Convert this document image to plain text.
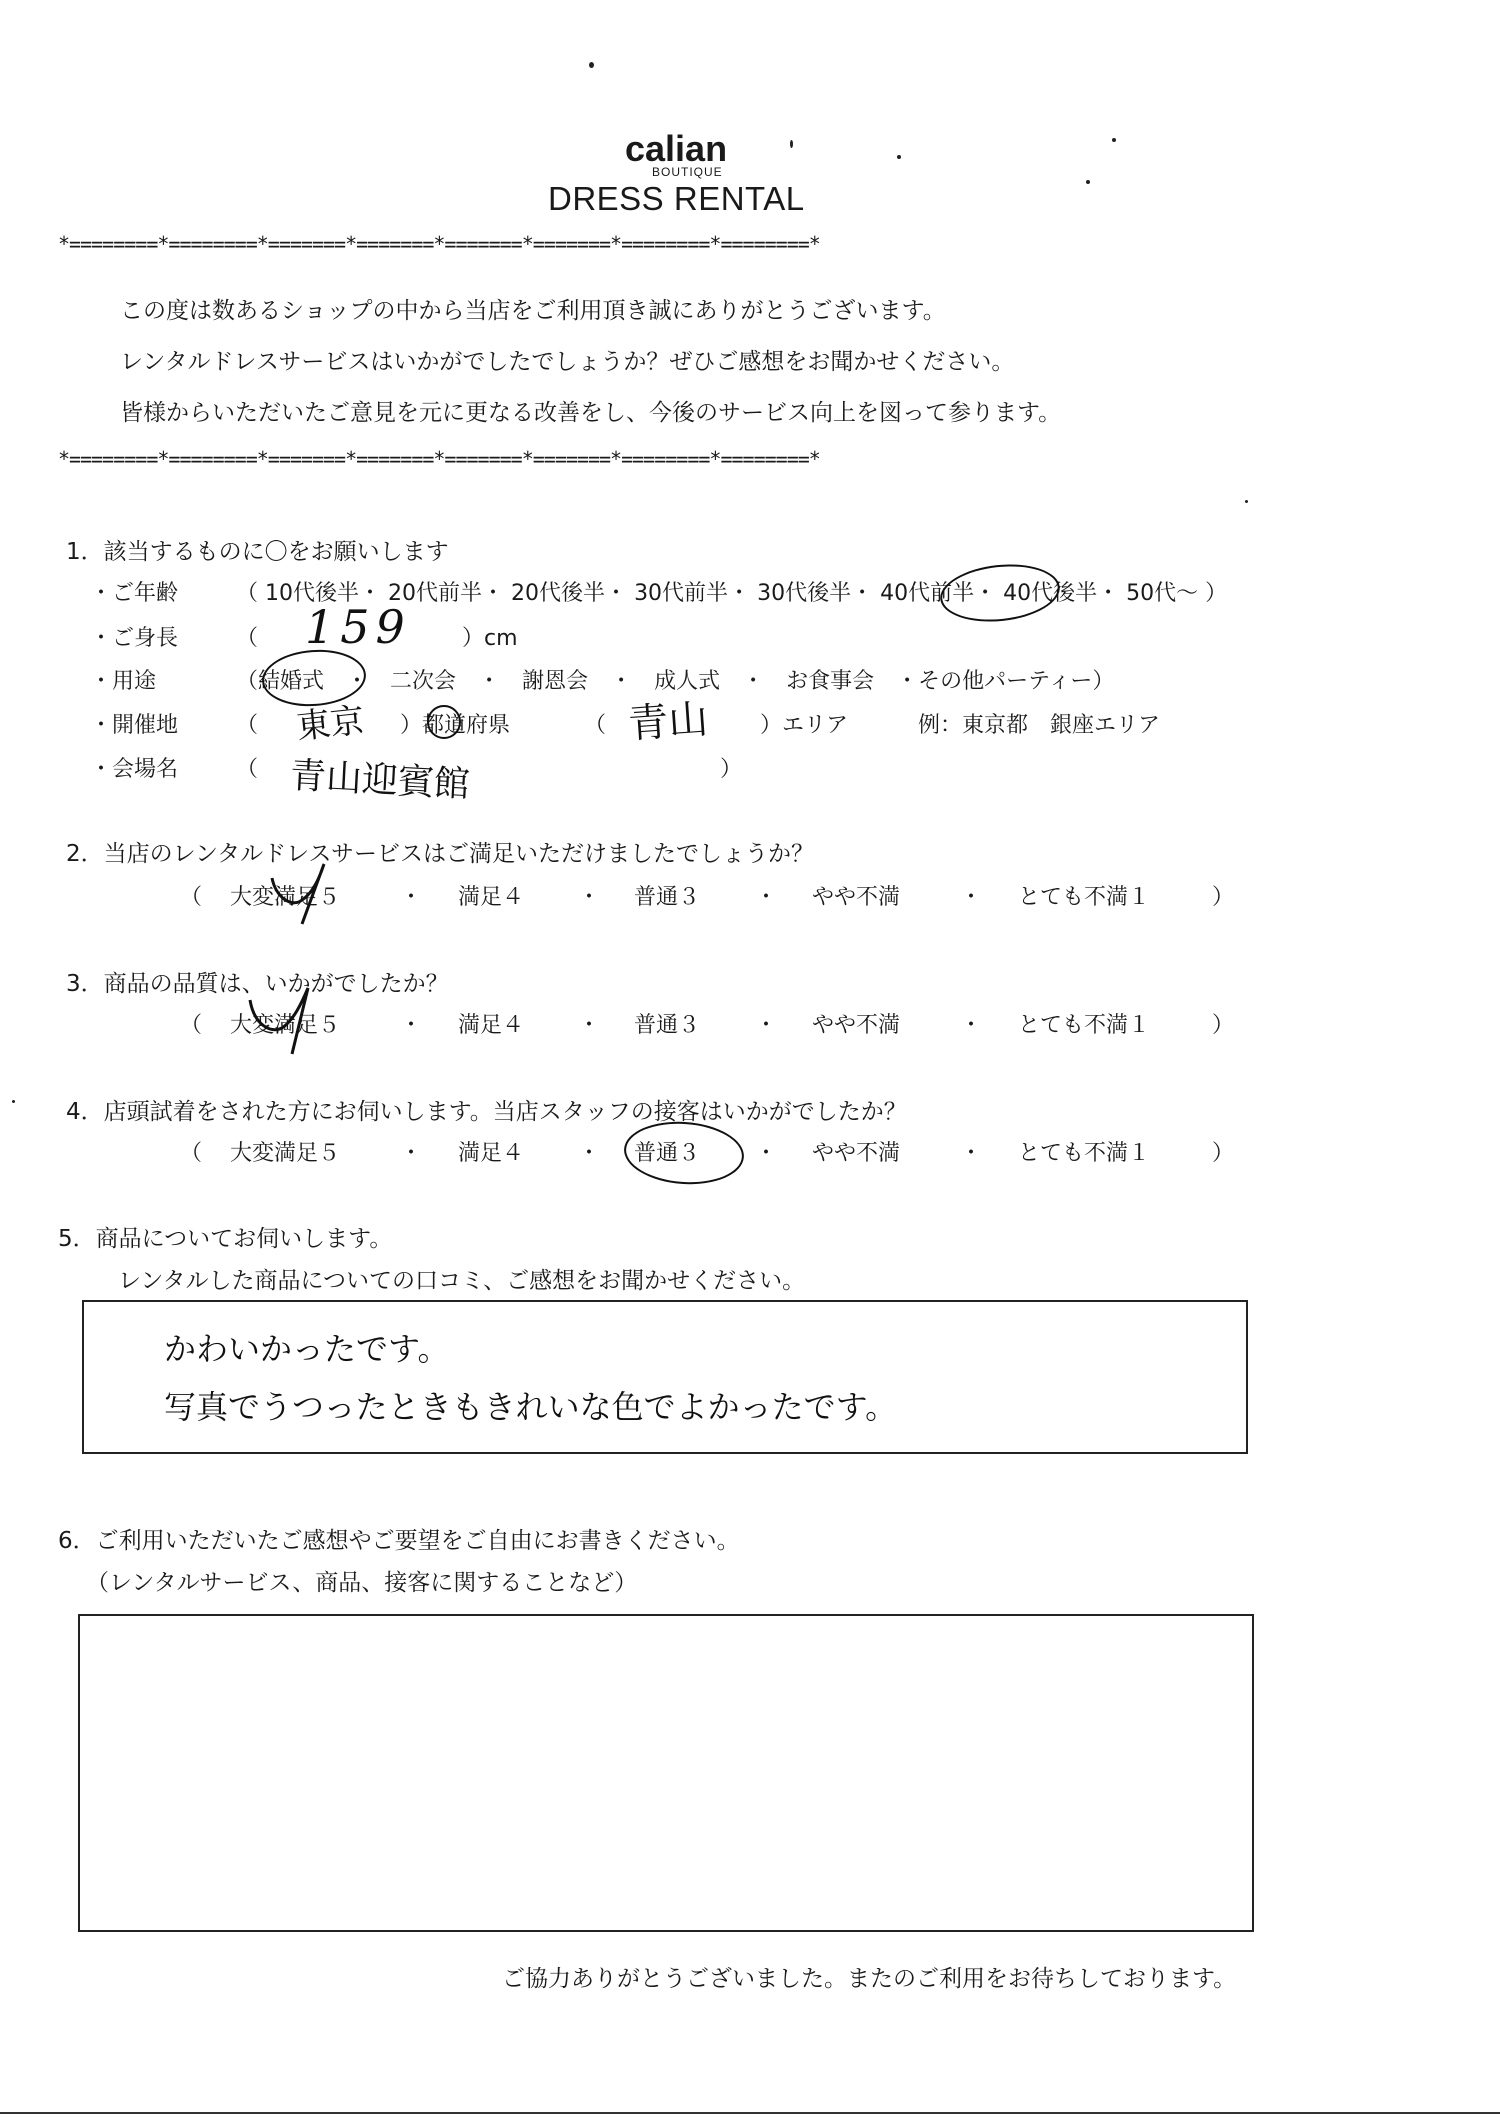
calian
BOUTIQUE
DRESS RENTAL
*========*========*=======*=======*=======*=======*========*========*
*========*========*=======*=======*=======*=======*========*========*
この度は数あるショップの中から当店をご利用頂き誠にありがとうございます。
レンタルドレスサービスはいかがでしたでしょうか？ぜひご感想をお聞かせください。
皆様からいただいたご意見を元に更なる改善をし、今後のサービス向上を図って参ります。
1．該当するものに〇をお願いします
・ご年齢	（ 10代後半・ 20代前半・ 20代後半・ 30代前半・ 30代後半・ 40代前半・ 40代後半・ 50代〜 ）
・ご身長	（ 159 ）cm
・用途	（結婚式 ・ 二次会 ・ 謝恩会 ・ 成人式 ・ お食事会 ・その他パーティー）
・開催地	（ 東京 ）都道府県	（ 青山 ）エリア	例：東京都　銀座エリア
・会場名	（ 青山迎賓館	）
2．当店のレンタルドレスサービスはご満足いただけましたでしょうか？
（ 大変満足５	・ 満足４ ・ 普通３ ・ やや不満	・ とても不満１	）
3．商品の品質は、いかがでしたか？
（ 大変満足５	・ 満足４ ・ 普通３ ・ やや不満	・ とても不満１	）
4．店頭試着をされた方にお伺いします。当店スタッフの接客はいかがでしたか？
（ 大変満足５	・ 満足４ ・ 普通３ ・ やや不満	・ とても不満１	）
5．商品についてお伺いします。
レンタルした商品についての口コミ、ご感想をお聞かせください。
かわいかったです。
写真でうつったときもきれいな色でよかったです。
6．ご利用いただいたご感想やご要望をご自由にお書きください。
（レンタルサービス、商品、接客に関することなど）
ご協力ありがとうございました。またのご利用をお待ちしております。
